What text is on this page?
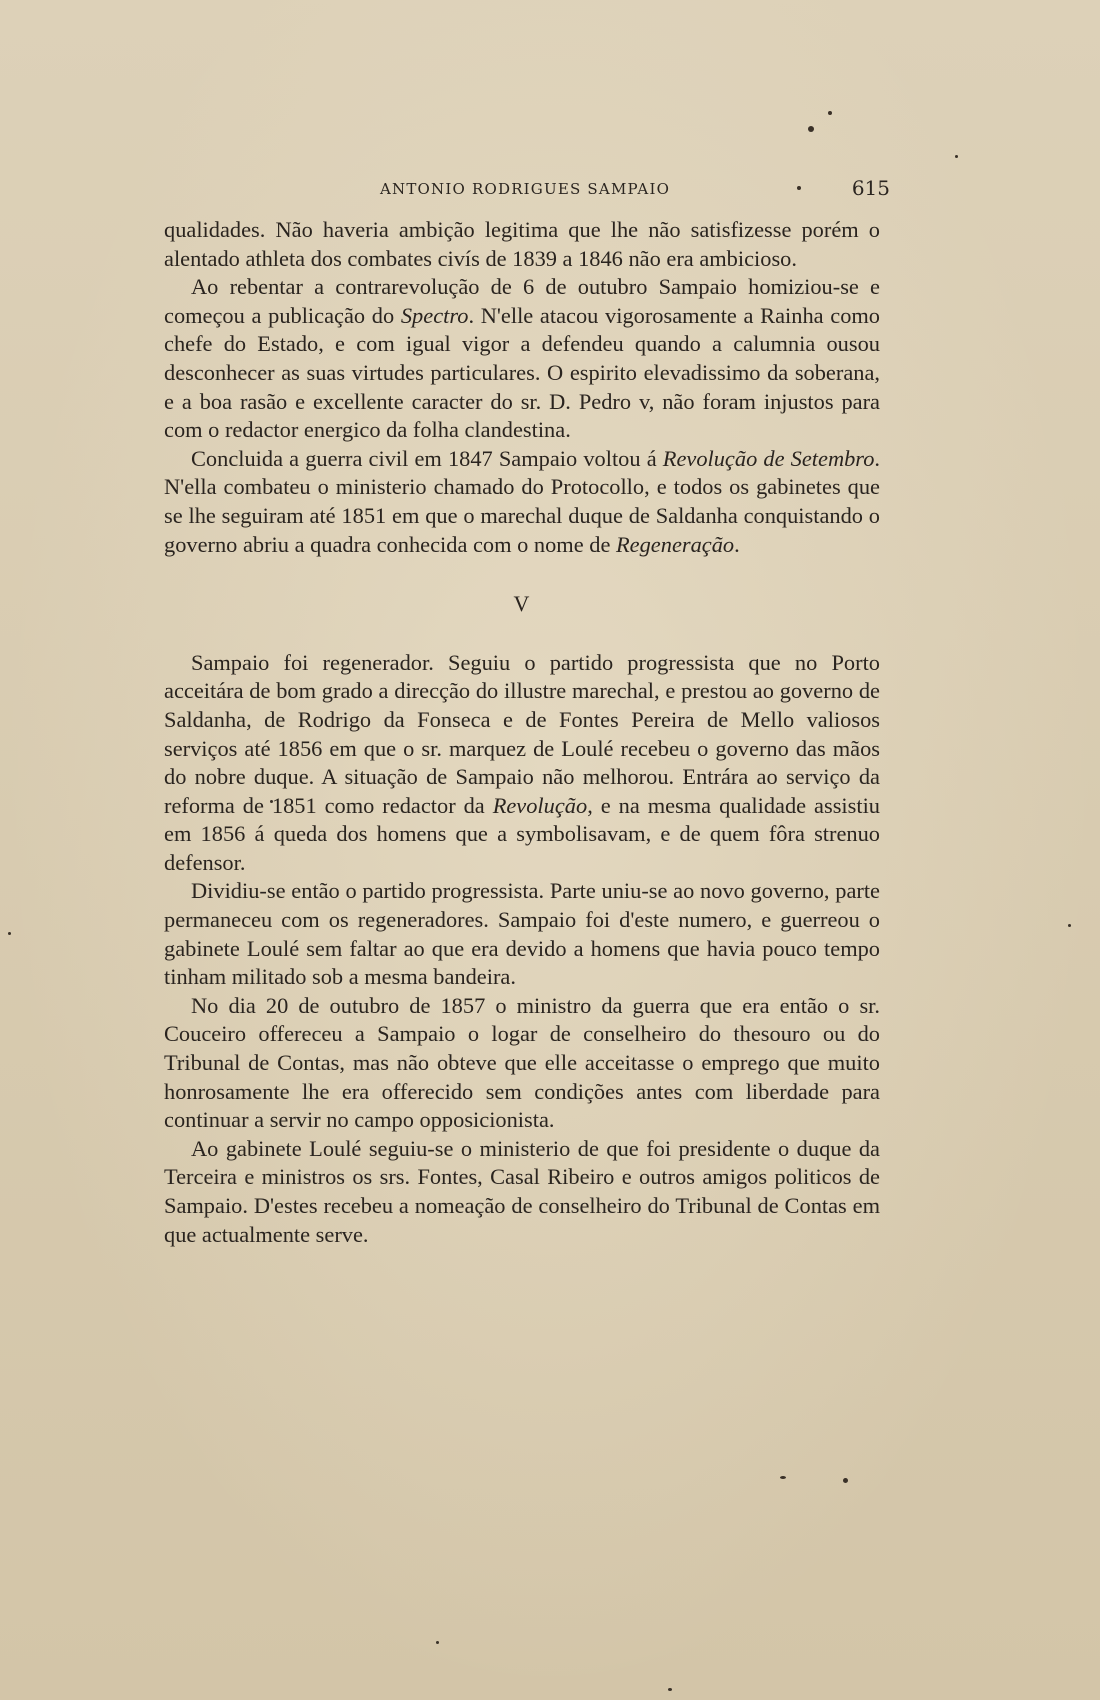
ANTONIO RODRIGUES SAMPAIO	615

qualidades. Não haveria ambição legitima que lhe não satisfizesse porém o alentado athleta dos combates civís de 1839 a 1846 não era ambicioso.

Ao rebentar a contrarevolução de 6 de outubro Sampaio homiziou-se e começou a publicação do Spectro. N'elle atacou vigorosamente a Rainha como chefe do Estado, e com igual vigor a defendeu quando a calumnia ousou desconhecer as suas virtudes particulares. O espirito elevadissimo da soberana, e a boa rasão e excellente caracter do sr. D. Pedro v, não foram injustos para com o redactor energico da folha clandestina.

Concluida a guerra civil em 1847 Sampaio voltou á Revolução de Setembro. N'ella combateu o ministerio chamado do Protocollo, e todos os gabinetes que se lhe seguiram até 1851 em que o marechal duque de Saldanha conquistando o governo abriu a quadra conhecida com o nome de Regeneração.

V

Sampaio foi regenerador. Seguiu o partido progressista que no Porto acceitára de bom grado a direcção do illustre marechal, e prestou ao governo de Saldanha, de Rodrigo da Fonseca e de Fontes Pereira de Mello valiosos serviços até 1856 em que o sr. marquez de Loulé recebeu o governo das mãos do nobre duque. A situação de Sampaio não melhorou. Entrára ao serviço da reforma de 1851 como redactor da Revolução, e na mesma qualidade assistiu em 1856 á queda dos homens que a symbolisavam, e de quem fôra strenuo defensor.

Dividiu-se então o partido progressista. Parte uniu-se ao novo governo, parte permaneceu com os regeneradores. Sampaio foi d'este numero, e guerreou o gabinete Loulé sem faltar ao que era devido a homens que havia pouco tempo tinham militado sob a mesma bandeira.

No dia 20 de outubro de 1857 o ministro da guerra que era então o sr. Couceiro offereceu a Sampaio o logar de conselheiro do thesouro ou do Tribunal de Contas, mas não obteve que elle acceitasse o emprego que muito honrosamente lhe era offerecido sem condições antes com liberdade para continuar a servir no campo opposicionista.

Ao gabinete Loulé seguiu-se o ministerio de que foi presidente o duque da Terceira e ministros os srs. Fontes, Casal Ribeiro e outros amigos politicos de Sampaio. D'estes recebeu a nomeação de conselheiro do Tribunal de Contas em que actualmente serve.
